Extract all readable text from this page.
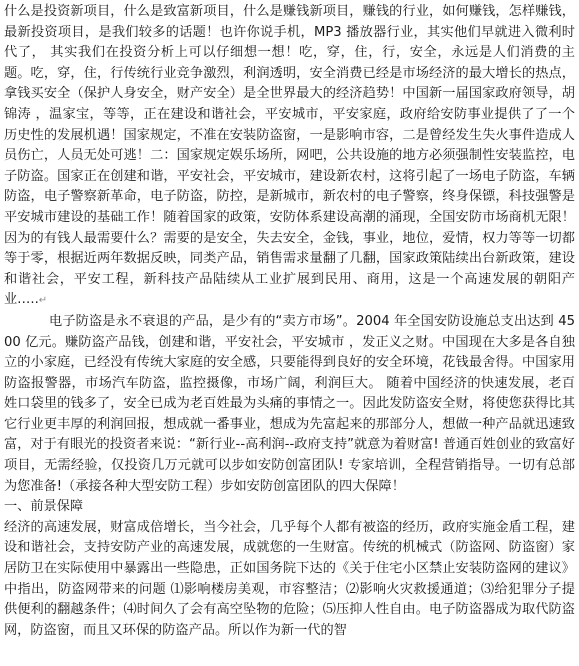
什么是投资新项目，什么是致富新项目，什么是赚钱新项目，赚钱的行业，如何赚钱，怎样赚钱，最新投资项目，是我们较多的话题！也许你说手机，MP3 播放器行业，其实他们早就进入微利时代了， 其实我们在投资分析上可以仔细想一想！吃，穿，住，行，安全，永远是人们消费的主题。吃，穿，住，行传统行业竞争激烈，利润透明，安全消费已经是市场经济的最大增长的热点，拿钱买安全（保护人身安全，财产安全）是全世界最大的经济趋势！中国新一届国家政府领导，胡锦涛 ，温家宝，等等，正在建设和谐社会，平安城市，平安家庭，政府给安防事业提供了了一个历史性的发展机遇！国家规定，不准在安装防盗窗，一是影响市容，二是曾经发生失火事件造成人员伤亡，人员无处可逃！二：国家规定娱乐场所，网吧，公共设施的地方必须强制性安装监控，电子防盗。国家正在创建和谐，平安社会，平安城市，建设新农村，这将引起了一场电子防盗，车辆防盗，电子警察新革命，电子防盗，防控，是新城市，新农村的电子警察，终身保镖，科技强警是平安城市建设的基础工作！随着国家的政策，安防体系建设高潮的涌现，全国安防市场商机无限！因为的有钱人最需要什么？需要的是安全，失去安全，金钱，事业，地位，爱情，权力等等一切都等于零，根据近两年数据反映，同类产品，销售需求量翻了几翻，国家政策陆续出台新政策，建设和谐社会，平安工程，新科技产品陆续从工业扩展到民用、商用，这是一个高速发展的朝阳产业…..↵

电子防盗是永不衰退的产品，是少有的“卖方市场”。2004 年全国安防设施总支出达到 4500 亿元。赚防盗产品钱，创建和谐，平安社会，平安城市 ，发正义之财。中国现在大多是各自独立的小家庭，已经没有传统大家庭的安全感，只要能得到良好的安全环境，花钱最舍得。中国家用防盗报警器，市场汽车防盗，监控摄像，市场广阔，利润巨大。 随着中国经济的快速发展，老百姓口袋里的钱多了，安全已成为老百姓最为头痛的事情之一。因此发防盗安全财，将使您获得比其它行业更丰厚的利润回报，想成就一番事业，想成为先富起来的那部分人，想做一种产品就迅速致富，对于有眼光的投资者来说：“新行业--高利润--政府支持”就意为着财富! 普通百姓创业的致富好项目，无需经验，仅投资几万元就可以步如安防创富团队! 专家培训，全程营销指导。一切有总部为您准备!（承接各种大型安防工程）步如安防创富团队的四大保障！

一、前景保障

经济的高速发展，财富成倍增长，当今社会，几乎每个人都有被盗的经历，政府实施金盾工程，建设和谐社会，支持安防产业的高速发展，成就您的一生财富。传统的机械式（防盗网、防盗窗）家居防卫在实际使用中暴露出一些隐患，正如国务院下达的《关于住宅小区禁止安装防盗网的建议》中指出，防盗网带来的问题 ⑴影响楼房美观，市容整洁；⑵影响火灾救援通道；⑶给犯罪分子提供便利的翻越条件；⑷时间久了会有高空坠物的危险；⑸压抑人性自由。电子防盗器成为取代防盗网，防盗窗，而且又环保的防盗产品。所以作为新一代的智
